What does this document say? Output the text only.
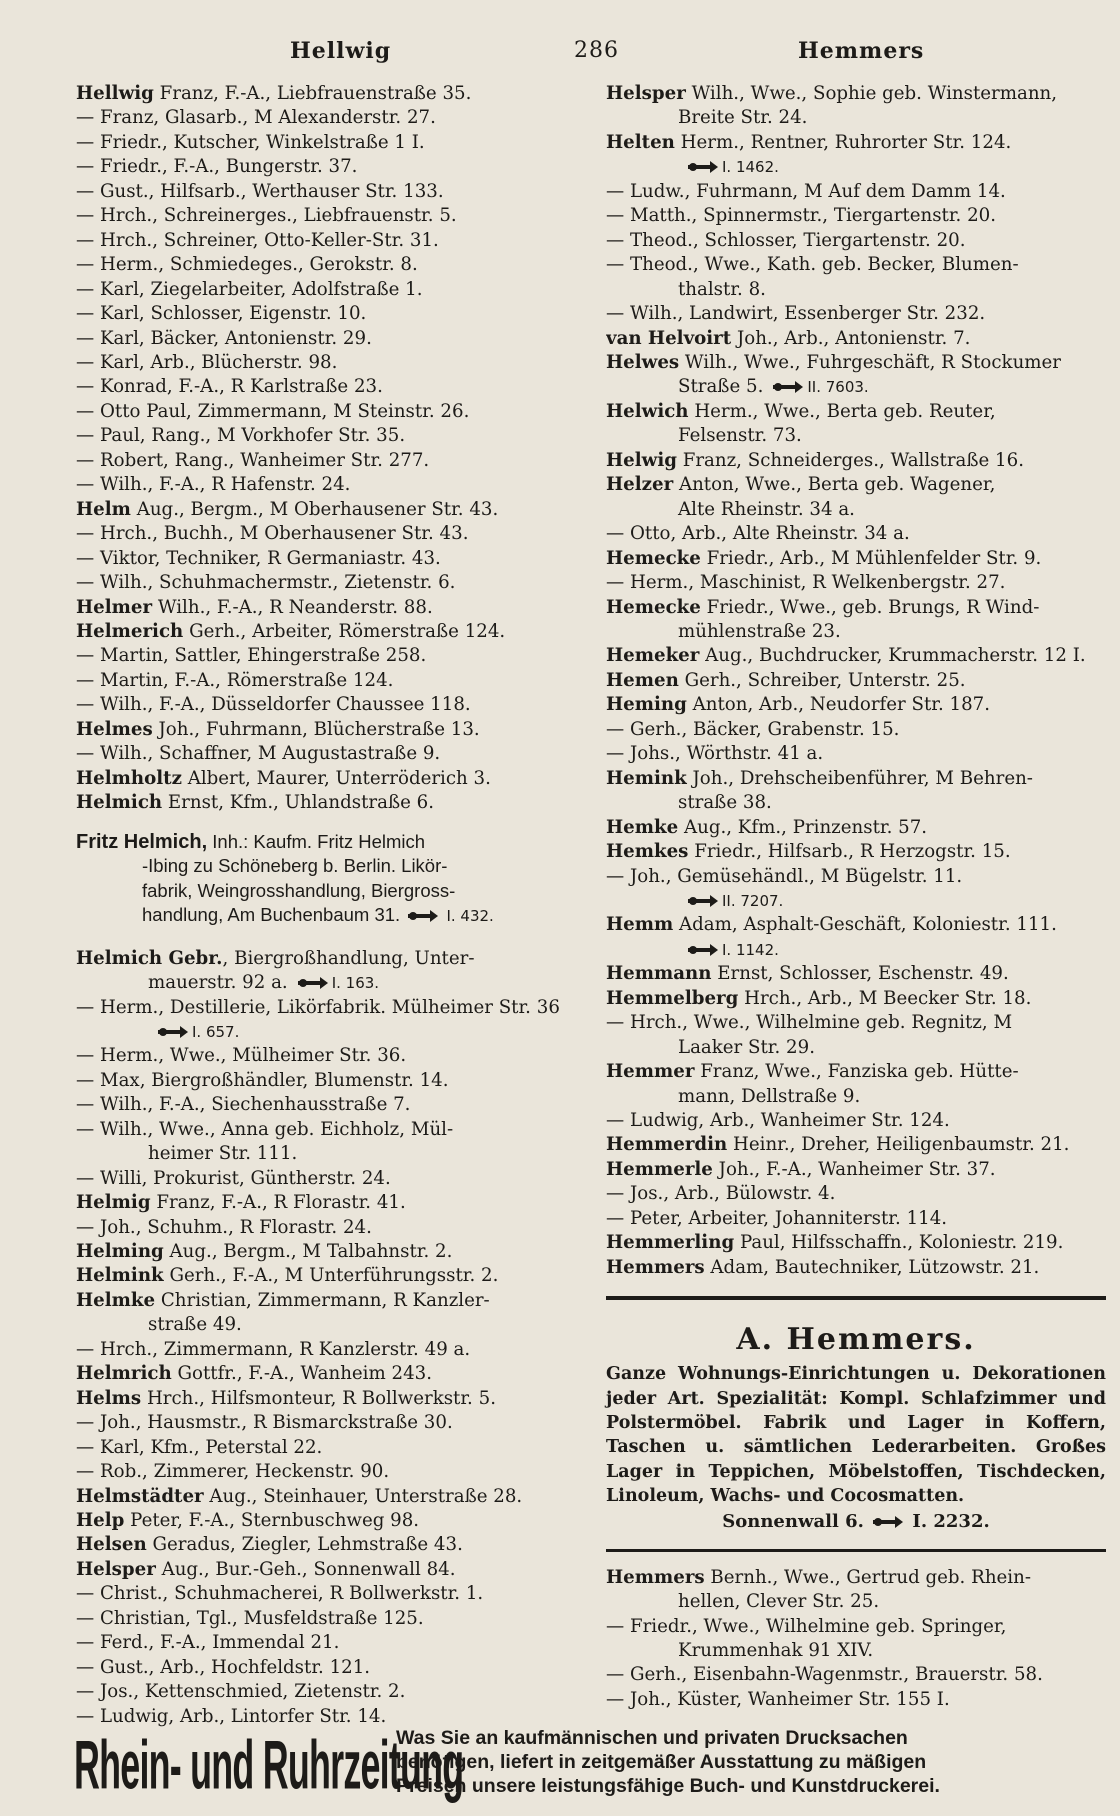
Hellwig	286	Hemmers
Hellwig Franz, F.-A., Liebfrauenstraße 35.
— Franz, Glasarb., M Alexanderstr. 27.
— Friedr., Kutscher, Winkelstraße 1 I.
— Friedr., F.-A., Bungerstr. 37.
— Gust., Hilfsarb., Werthauser Str. 133.
— Hrch., Schreinerges., Liebfrauenstr. 5.
— Hrch., Schreiner, Otto-Keller-Str. 31.
— Herm., Schmiedeges., Gerokstr. 8.
— Karl, Ziegelarbeiter, Adolfstraße 1.
— Karl, Schlosser, Eigenstr. 10.
— Karl, Bäcker, Antonienstr. 29.
— Karl, Arb., Blücherstr. 98.
— Konrad, F.-A., R Karlstraße 23.
— Otto Paul, Zimmermann, M Steinstr. 26.
— Paul, Rang., M Vorkhofer Str. 35.
— Robert, Rang., Wanheimer Str. 277.
— Wilh., F.-A., R Hafenstr. 24.
Helm Aug., Bergm., M Oberhausener Str. 43.
— Hrch., Buchh., M Oberhausener Str. 43.
— Viktor, Techniker, R Germaniastr. 43.
— Wilh., Schuhmachermstr., Zietenstr. 6.
Helmer Wilh., F.-A., R Neanderstr. 88.
Helmerich Gerh., Arbeiter, Römerstraße 124.
— Martin, Sattler, Ehingerstraße 258.
— Martin, F.-A., Römerstraße 124.
— Wilh., F.-A., Düsseldorfer Chaussee 118.
Helmes Joh., Fuhrmann, Blücherstraße 13.
— Wilh., Schaffner, M Augustastraße 9.
Helmholtz Albert, Maurer, Unterröderich 3.
Helmich Ernst, Kfm., Uhlandstraße 6.
Fritz Helmich, Inh.: Kaufm. Fritz Helmich
-Ibing zu Schöneberg b. Berlin. Likör-
fabrik, Weingrosshandlung, Biergross-
handlung, Am Buchenbaum 31.	I. 432.
Helmich Gebr., Biergroßhandlung, Unter-
mauerstr. 92 a.	I. 163.
— Herm., Destillerie, Likörfabrik. Mülheimer Str. 36
I. 657.
— Herm., Wwe., Mülheimer Str. 36.
— Max, Biergroßhändler, Blumenstr. 14.
— Wilh., F.-A., Siechenhausstraße 7.
— Wilh., Wwe., Anna geb. Eichholz, Mül-
heimer Str. 111.
— Willi, Prokurist, Güntherstr. 24.
Helmig Franz, F.-A., R Florastr. 41.
— Joh., Schuhm., R Florastr. 24.
Helming Aug., Bergm., M Talbahnstr. 2.
Helmink Gerh., F.-A., M Unterführungsstr. 2.
Helmke Christian, Zimmermann, R Kanzler-
straße 49.
— Hrch., Zimmermann, R Kanzlerstr. 49 a.
Helmrich Gottfr., F.-A., Wanheim 243.
Helms Hrch., Hilfsmonteur, R Bollwerkstr. 5.
— Joh., Hausmstr., R Bismarckstraße 30.
— Karl, Kfm., Peterstal 22.
— Rob., Zimmerer, Heckenstr. 90.
Helmstädter Aug., Steinhauer, Unterstraße 28.
Help Peter, F.-A., Sternbuschweg 98.
Helsen Geradus, Ziegler, Lehmstraße 43.
Helsper Aug., Bur.-Geh., Sonnenwall 84.
— Christ., Schuhmacherei, R Bollwerkstr. 1.
— Christian, Tgl., Musfeldstraße 125.
— Ferd., F.-A., Immendal 21.
— Gust., Arb., Hochfeldstr. 121.
— Jos., Kettenschmied, Zietenstr. 2.
— Ludwig, Arb., Lintorfer Str. 14.
Helsper Wilh., Wwe., Sophie geb. Winstermann,
Breite Str. 24.
Helten Herm., Rentner, Ruhrorter Str. 124.
I. 1462.
— Ludw., Fuhrmann, M Auf dem Damm 14.
— Matth., Spinnermstr., Tiergartenstr. 20.
— Theod., Schlosser, Tiergartenstr. 20.
— Theod., Wwe., Kath. geb. Becker, Blumen-
thalstr. 8.
— Wilh., Landwirt, Essenberger Str. 232.
van Helvoirt Joh., Arb., Antonienstr. 7.
Helwes Wilh., Wwe., Fuhrgeschäft, R Stockumer
Straße 5.	II. 7603.
Helwich Herm., Wwe., Berta geb. Reuter,
Felsenstr. 73.
Helwig Franz, Schneiderges., Wallstraße 16.
Helzer Anton, Wwe., Berta geb. Wagener,
Alte Rheinstr. 34 a.
— Otto, Arb., Alte Rheinstr. 34 a.
Hemecke Friedr., Arb., M Mühlenfelder Str. 9.
— Herm., Maschinist, R Welkenbergstr. 27.
Hemecke Friedr., Wwe., geb. Brungs, R Wind-
mühlenstraße 23.
Hemeker Aug., Buchdrucker, Krummacherstr. 12 I.
Hemen Gerh., Schreiber, Unterstr. 25.
Heming Anton, Arb., Neudorfer Str. 187.
— Gerh., Bäcker, Grabenstr. 15.
— Johs., Wörthstr. 41 a.
Hemink Joh., Drehscheibenführer, M Behren-
straße 38.
Hemke Aug., Kfm., Prinzenstr. 57.
Hemkes Friedr., Hilfsarb., R Herzogstr. 15.
— Joh., Gemüsehändl., M Bügelstr. 11.
II. 7207.
Hemm Adam, Asphalt-Geschäft, Koloniestr. 111.
I. 1142.
Hemmann Ernst, Schlosser, Eschenstr. 49.
Hemmelberg Hrch., Arb., M Beecker Str. 18.
— Hrch., Wwe., Wilhelmine geb. Regnitz, M
Laaker Str. 29.
Hemmer Franz, Wwe., Fanziska geb. Hütte-
mann, Dellstraße 9.
— Ludwig, Arb., Wanheimer Str. 124.
Hemmerdin Heinr., Dreher, Heiligenbaumstr. 21.
Hemmerle Joh., F.-A., Wanheimer Str. 37.
— Jos., Arb., Bülowstr. 4.
— Peter, Arbeiter, Johanniterstr. 114.
Hemmerling Paul, Hilfsschaffn., Koloniestr. 219.
Hemmers Adam, Bautechniker, Lützowstr. 21.
A. Hemmers.
Ganze Wohnungs-Einrichtungen u. Dekorationen jeder Art. Spezialität: Kompl. Schlafzimmer und Polstermöbel. Fabrik und Lager in Koffern, Taschen u. sämtlichen Lederarbeiten. Großes Lager in Teppichen, Möbelstoffen, Tischdecken, Linoleum, Wachs- und Cocosmatten.
Sonnenwall 6.	I. 2232.
Hemmers Bernh., Wwe., Gertrud geb. Rhein-
hellen, Clever Str. 25.
— Friedr., Wwe., Wilhelmine geb. Springer,
Krummenhak 91 XIV.
— Gerh., Eisenbahn-Wagenmstr., Brauerstr. 58.
— Joh., Küster, Wanheimer Str. 155 I.
Rhein- und Ruhrzeitung
Was Sie an kaufmännischen und privaten Drucksachen
benötigen, liefert in zeitgemäßer Ausstattung zu mäßigen
Preisen unsere leistungsfähige Buch- und Kunstdruckerei.
